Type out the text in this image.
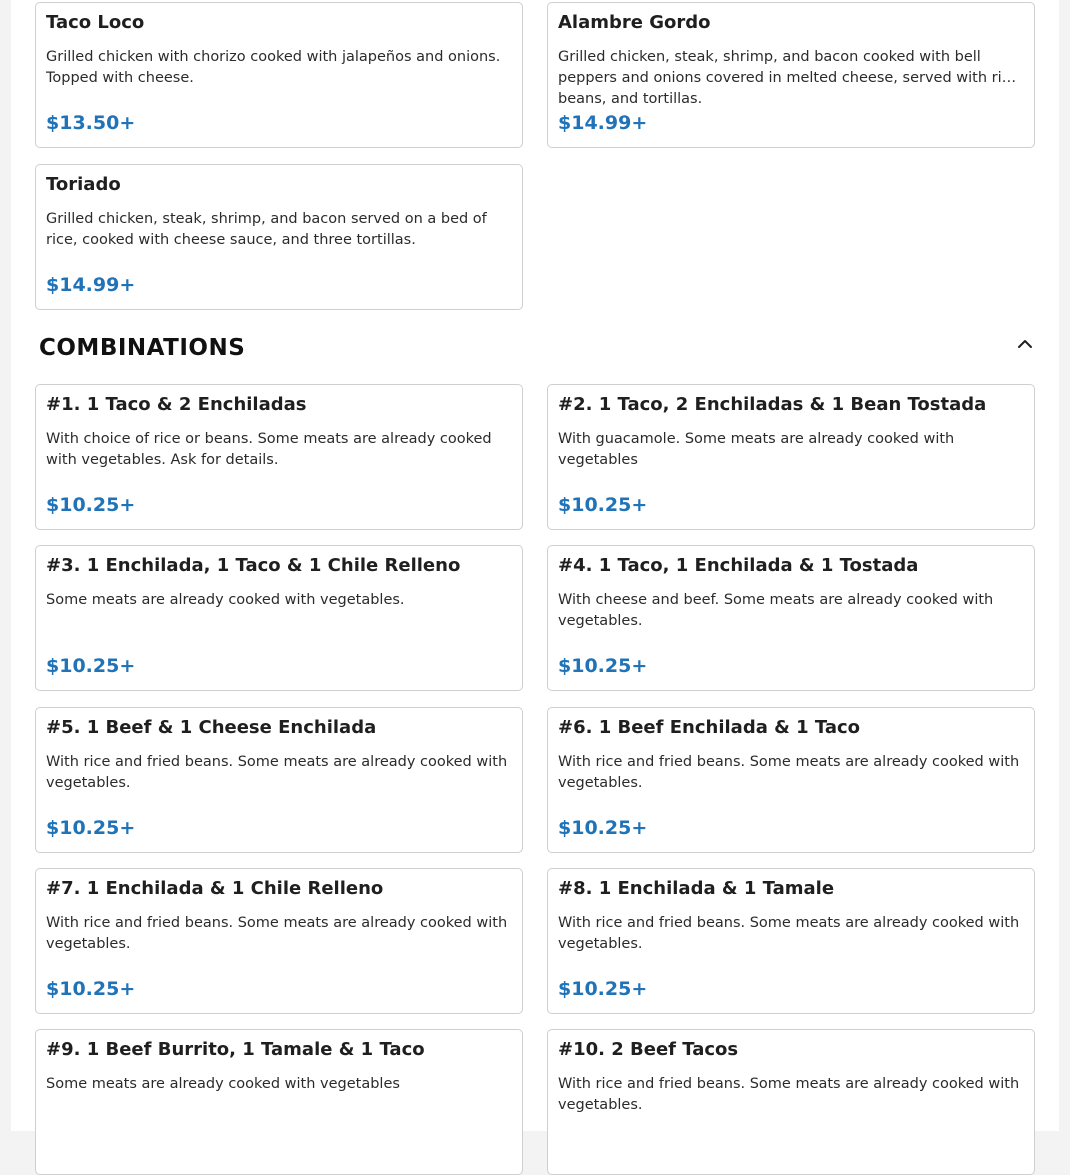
Taco Loco
Grilled chicken with chorizo cooked with jalapeños and onions. Topped with cheese.
$13.50+
Alambre Gordo
Grilled chicken, steak, shrimp, and bacon cooked with bell peppers and onions covered in melted cheese, served with rice, beans, and tortillas.
$14.99+
Toriado
Grilled chicken, steak, shrimp, and bacon served on a bed of rice, cooked with cheese sauce, and three tortillas.
$14.99+
COMBINATIONS
#1. 1 Taco & 2 Enchiladas
With choice of rice or beans. Some meats are already cooked with vegetables. Ask for details.
$10.25+
#2. 1 Taco, 2 Enchiladas & 1 Bean Tostada
With guacamole. Some meats are already cooked with vegetables
$10.25+
#3. 1 Enchilada, 1 Taco & 1 Chile Relleno
Some meats are already cooked with vegetables.
$10.25+
#4. 1 Taco, 1 Enchilada & 1 Tostada
With cheese and beef. Some meats are already cooked with vegetables.
$10.25+
#5. 1 Beef & 1 Cheese Enchilada
With rice and fried beans. Some meats are already cooked with vegetables.
$10.25+
#6. 1 Beef Enchilada & 1 Taco
With rice and fried beans. Some meats are already cooked with vegetables.
$10.25+
#7. 1 Enchilada & 1 Chile Relleno
With rice and fried beans. Some meats are already cooked with vegetables.
$10.25+
#8. 1 Enchilada & 1 Tamale
With rice and fried beans. Some meats are already cooked with vegetables.
$10.25+
#9. 1 Beef Burrito, 1 Tamale & 1 Taco
Some meats are already cooked with vegetables
#10. 2 Beef Tacos
With rice and fried beans. Some meats are already cooked with vegetables.
